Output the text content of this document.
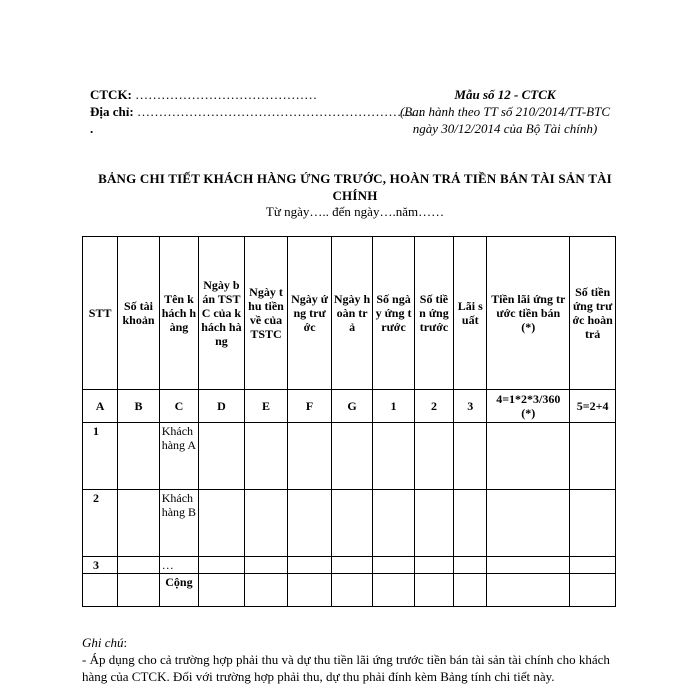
CTCK: ……………………………………
Địa chỉ: …………………………………………………………
.
Mẫu số 12 - CTCK
(Ban hành theo TT số 210/2014/TT-BTC
ngày 30/12/2014 của Bộ Tài chính)
BẢNG CHI TIẾT KHÁCH HÀNG ỨNG TRƯỚC, HOÀN TRẢ TIỀN BÁN TÀI SẢN TÀI CHÍNH
Từ ngày….. đến ngày….năm……
STT	Số tài khoản	Tên khách hàng	Ngày bán TSTC của khách hàng	Ngày thu tiền về của TSTC	Ngày ứng trước	Ngày hoàn trả	Số ngày ứng trước	Số tiền ứng trước	Lãi suất	Tiền lãi ứng trước tiền bán (*)	Số tiền ứng trước hoàn trả
A	B	C	D	E	F	G	1	2	3	4=1*2*3/360 (*)	5=2+4
1		Khách hàng A									
2		Khách hàng B									
3		…									
		Cộng									
Ghi chú:
- Áp dụng cho cả trường hợp phải thu và dự thu tiền lãi ứng trước tiền bán tài sản tài chính cho khách hàng của CTCK. Đối với trường hợp phải thu, dự thu phải đính kèm Bảng tính chi tiết này.
